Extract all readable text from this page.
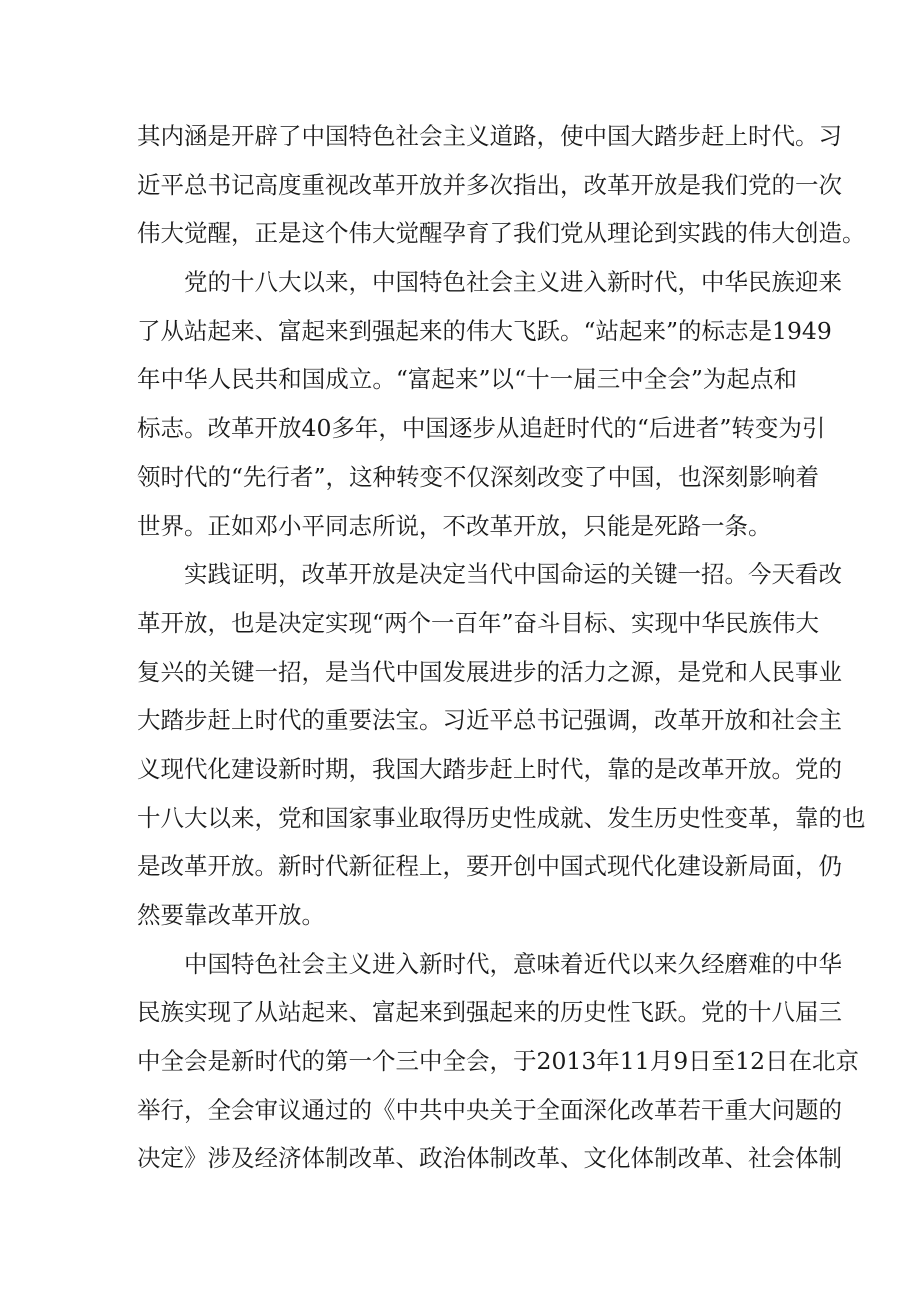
其内涵是开辟了中国特色社会主义道路，使中国大踏步赶上时代。习
近平总书记高度重视改革开放并多次指出，改革开放是我们党的一次
伟大觉醒，正是这个伟大觉醒孕育了我们党从理论到实践的伟大创造。
党的十八大以来，中国特色社会主义进入新时代，中华民族迎来
了从站起来、富起来到强起来的伟大飞跃。“站起来”的标志是1949
年中华人民共和国成立。“富起来”以“十一届三中全会”为起点和
标志。改革开放40多年，中国逐步从追赶时代的“后进者”转变为引
领时代的“先行者”，这种转变不仅深刻改变了中国，也深刻影响着
世界。正如邓小平同志所说，不改革开放，只能是死路一条。
实践证明，改革开放是决定当代中国命运的关键一招。今天看改
革开放，也是决定实现“两个一百年”奋斗目标、实现中华民族伟大
复兴的关键一招，是当代中国发展进步的活力之源，是党和人民事业
大踏步赶上时代的重要法宝。习近平总书记强调，改革开放和社会主
义现代化建设新时期，我国大踏步赶上时代，靠的是改革开放。党的
十八大以来，党和国家事业取得历史性成就、发生历史性变革，靠的也
是改革开放。新时代新征程上，要开创中国式现代化建设新局面，仍
然要靠改革开放。
中国特色社会主义进入新时代，意味着近代以来久经磨难的中华
民族实现了从站起来、富起来到强起来的历史性飞跃。党的十八届三
中全会是新时代的第一个三中全会，于2013年11月9日至12日在北京
举行，全会审议通过的《中共中央关于全面深化改革若干重大问题的
决定》涉及经济体制改革、政治体制改革、文化体制改革、社会体制
